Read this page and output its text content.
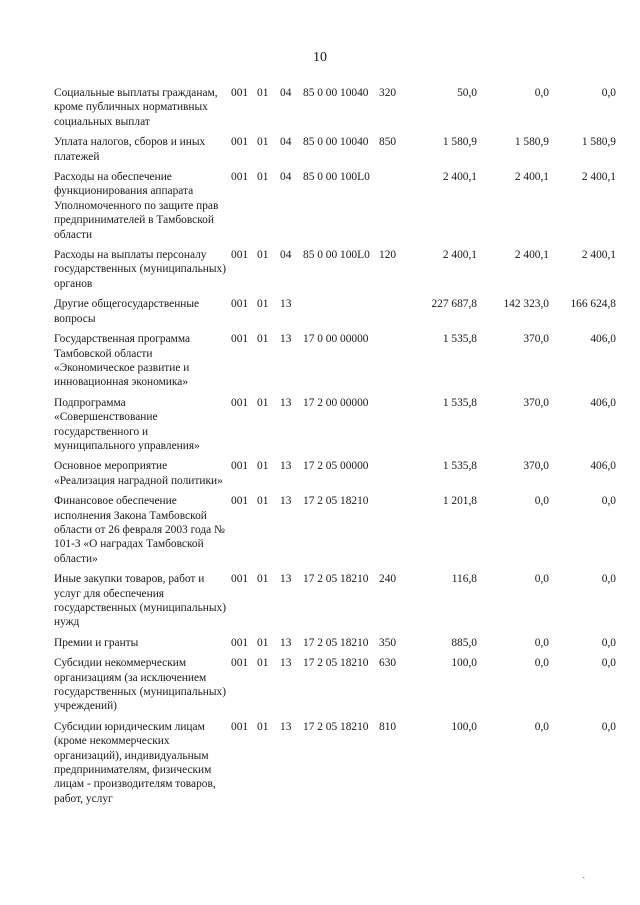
10
Социальные выплаты гражданам, кроме публичных нормативных социальных выплат	001	01	04	85 0 00 10040	320	50,0	0,0	0,0
Уплата налогов, сборов и иных платежей	001	01	04	85 0 00 10040	850	1 580,9	1 580,9	1 580,9
Расходы на обеспечение функционирования аппарата Уполномоченного по защите прав предпринимателей в Тамбовской области	001	01	04	85 0 00 100L0		2 400,1	2 400,1	2 400,1
Расходы на выплаты персоналу государственных (муниципальных) органов	001	01	04	85 0 00 100L0	120	2 400,1	2 400,1	2 400,1
Другие общегосударственные вопросы	001	01	13			227 687,8	142 323,0	166 624,8
Государственная программа Тамбовской области «Экономическое развитие и инновационная экономика»	001	01	13	17 0 00 00000		1 535,8	370,0	406,0
Подпрограмма «Совершенствование государственного и муниципального управления»	001	01	13	17 2 00 00000		1 535,8	370,0	406,0
Основное мероприятие «Реализация наградной политики»	001	01	13	17 2 05 00000		1 535,8	370,0	406,0
Финансовое обеспечение исполнения Закона Тамбовской области от 26 февраля 2003 года № 101-З «О наградах Тамбовской области»	001	01	13	17 2 05 18210		1 201,8	0,0	0,0
Иные закупки товаров, работ и услуг для обеспечения государственных (муниципальных) нужд	001	01	13	17 2 05 18210	240	116,8	0,0	0,0
Премии и гранты	001	01	13	17 2 05 18210	350	885,0	0,0	0,0
Субсидии некоммерческим организациям (за исключением государственных (муниципальных) учреждений)	001	01	13	17 2 05 18210	630	100,0	0,0	0,0
Субсидии юридическим лицам (кроме некоммерческих организаций), индивидуальным предпринимателям, физическим лицам - производителям товаров, работ, услуг	001	01	13	17 2 05 18210	810	100,0	0,0	0,0
ˎ
